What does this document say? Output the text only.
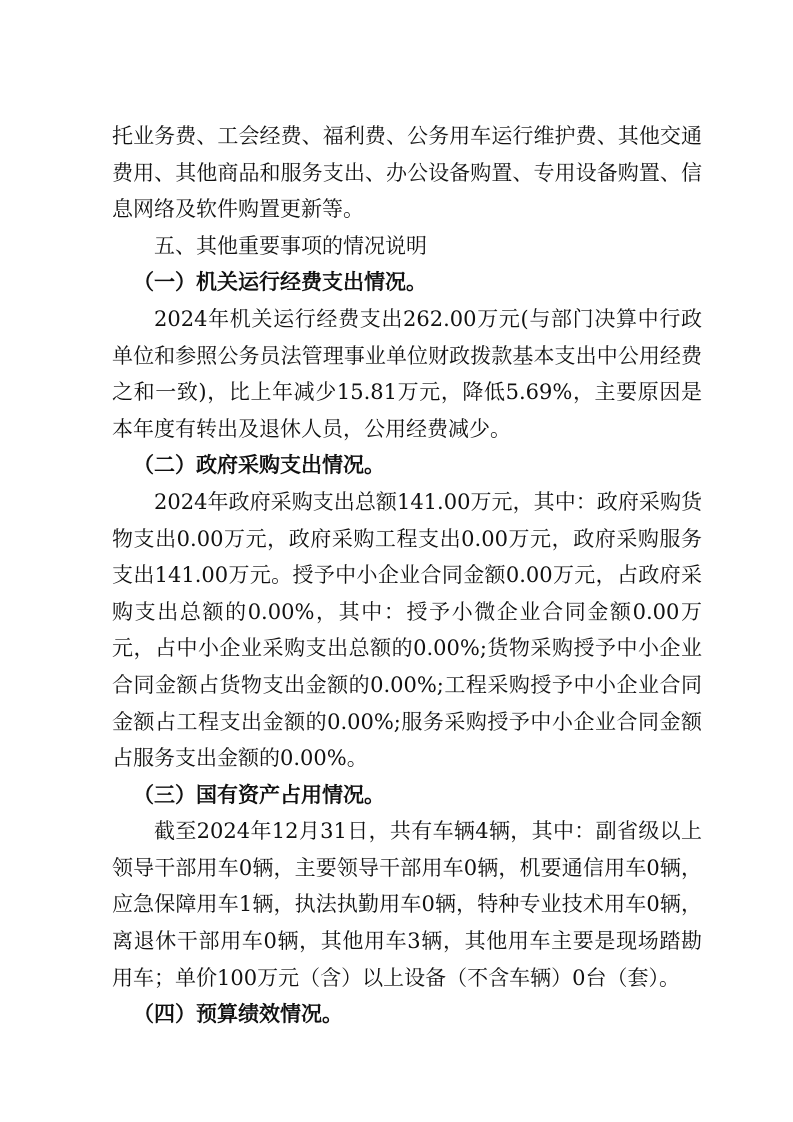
托业务费、工会经费、福利费、公务用车运行维护费、其他交通费用、其他商品和服务支出、办公设备购置、专用设备购置、信息网络及软件购置更新等。

五、其他重要事项的情况说明

（一）机关运行经费支出情况。

2024年机关运行经费支出262.00万元(与部门决算中行政单位和参照公务员法管理事业单位财政拨款基本支出中公用经费之和一致)，比上年减少15.81万元，降低5.69%，主要原因是本年度有转出及退休人员，公用经费减少。

（二）政府采购支出情况。

2024年政府采购支出总额141.00万元，其中：政府采购货物支出0.00万元，政府采购工程支出0.00万元，政府采购服务支出141.00万元。授予中小企业合同金额0.00万元，占政府采购支出总额的0.00%，其中：授予小微企业合同金额0.00万元，占中小企业采购支出总额的0.00%;货物采购授予中小企业合同金额占货物支出金额的0.00%;工程采购授予中小企业合同金额占工程支出金额的0.00%;服务采购授予中小企业合同金额占服务支出金额的0.00%。

（三）国有资产占用情况。

截至2024年12月31日，共有车辆4辆，其中：副省级以上领导干部用车0辆，主要领导干部用车0辆，机要通信用车0辆，应急保障用车1辆，执法执勤用车0辆，特种专业技术用车0辆，离退休干部用车0辆，其他用车3辆，其他用车主要是现场踏勘用车；单价100万元（含）以上设备（不含车辆）0台（套）。

（四）预算绩效情况。
